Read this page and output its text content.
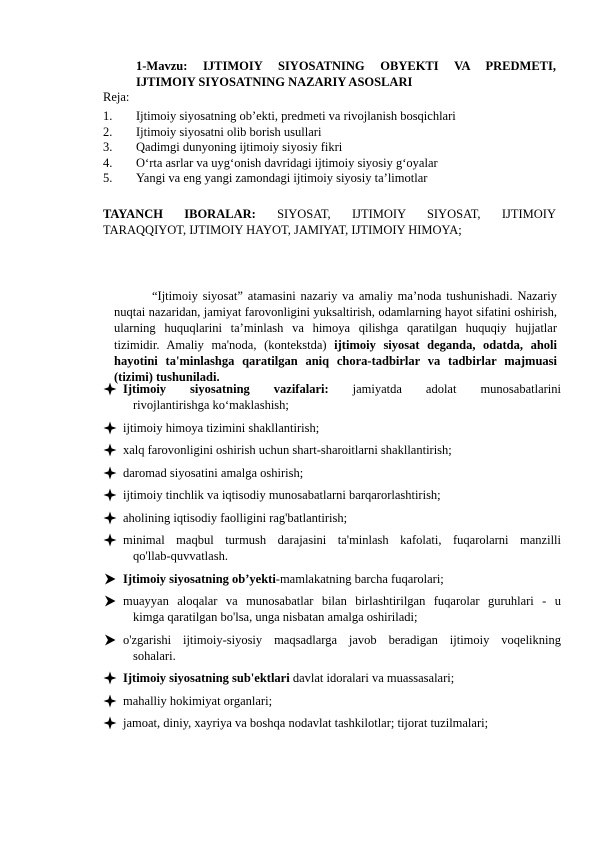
1-Mavzu: IJTIMOIY SIYOSATNING OBYEKTI VA PREDMETI,
IJTIMOIY SIYOSATNING NAZARIY ASOSLARI
Reja:
1. Ijtimoiy siyosatning ob’ekti, predmeti va rivojlanish bosqichlari
2. Ijtimoiy siyosatni olib borish usullari
3. Qadimgi dunyoning ijtimoiy siyosiy fikri
4. O‘rta asrlar va uyg‘onish davridagi ijtimoiy siyosiy g‘oyalar
5. Yangi va eng yangi zamondagi ijtimoiy siyosiy ta’limotlar
TAYANCH IBORALAR: SIYOSAT, IJTIMOIY SIYOSAT, IJTIMOIY
TARAQQIYOT, IJTIMOIY HAYOT, JAMIYAT, IJTIMOIY HIMOYA;
“Ijtimoiy siyosat” atamasini nazariy va amaliy ma’noda tushunishadi. Nazariy nuqtai nazaridan, jamiyat farovonligini yuksaltirish, odamlarning hayot sifatini oshirish, ularning huquqlarini ta’minlash va himoya qilishga qaratilgan huquqiy hujjatlar tizimidir. Amaliy ma'noda, (kontekstda) ijtimoiy siyosat deganda, odatda, aholi hayotini ta'minlashga qaratilgan aniq chora-tadbirlar va tadbirlar majmuasi (tizimi) tushuniladi.
Ijtimoiy siyosatning vazifalari: jamiyatda adolat munosabatlarini
rivojlantirishga ko‘maklashish;
ijtimoiy himoya tizimini shakllantirish;
xalq farovonligini oshirish uchun shart-sharoitlarni shakllantirish;
daromad siyosatini amalga oshirish;
ijtimoiy tinchlik va iqtisodiy munosabatlarni barqarorlashtirish;
aholining iqtisodiy faolligini rag'batlantirish;
minimal maqbul turmush darajasini ta'minlash kafolati, fuqarolarni manzilli
qo'llab-quvvatlash.
Ijtimoiy siyosatning ob’yekti-mamlakatning barcha fuqarolari;
muayyan aloqalar va munosabatlar bilan birlashtirilgan fuqarolar guruhlari - u
kimga qaratilgan bo'lsa, unga nisbatan amalga oshiriladi;
o'zgarishi ijtimoiy-siyosiy maqsadlarga javob beradigan ijtimoiy voqelikning
sohalari.
Ijtimoiy siyosatning sub'ektlari davlat idoralari va muassasalari;
mahalliy hokimiyat organlari;
jamoat, diniy, xayriya va boshqa nodavlat tashkilotlar; tijorat tuzilmalari;
